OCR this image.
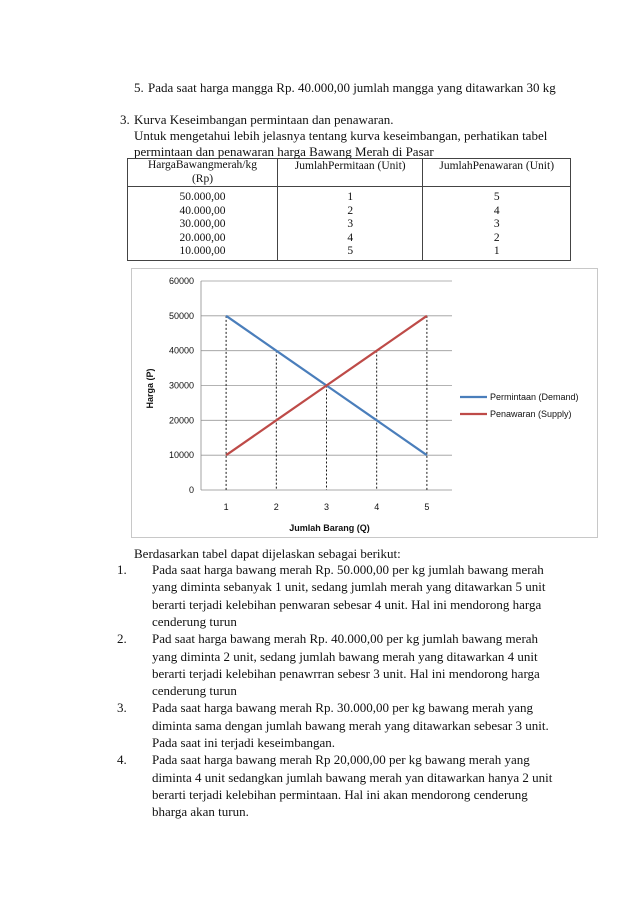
5. Pada saat harga mangga Rp. 40.000,00 jumlah mangga yang ditawarkan 30 kg
3. Kurva Keseimbangan permintaan dan penawaran.
Untuk mengetahui lebih jelasnya tentang kurva keseimbangan, perhatikan tabel
permintaan dan penawaran harga Bawang Merah di Pasar
HargaBawangmerah/kg (Rp)	JumlahPermitaan (Unit)	JumlahPenawaran (Unit)
50.000,00	1	5
40.000,00	2	4
30.000,00	3	3
20.000,00	4	2
10.000,00	5	1
0
10000
20000
30000
40000
50000
60000
1	2	3	4	5
Jumlah Barang (Q)
Harga (P)	Permintaan (Demand)
Penawaran (Supply)
Berdasarkan tabel dapat dijelaskan sebagai berikut:
1. Pada saat harga bawang merah Rp. 50.000,00 per kg jumlah bawang merah
yang diminta sebanyak 1 unit, sedang jumlah merah yang ditawarkan 5 unit
berarti terjadi kelebihan penwaran sebesar 4 unit. Hal ini mendorong harga
cenderung turun
2. Pad saat harga bawang merah Rp. 40.000,00 per kg jumlah bawang merah
yang diminta 2 unit, sedang jumlah bawang merah yang ditawarkan 4 unit
berarti terjadi kelebihan penawrran sebesr 3 unit. Hal ini mendorong harga
cenderung turun
3. Pada saat harga bawang merah Rp. 30.000,00 per kg bawang merah yang
diminta sama dengan jumlah bawang merah yang ditawarkan sebesar 3 unit.
Pada saat ini terjadi keseimbangan.
4. Pada saat harga bawang merah Rp 20,000,00 per kg bawang merah yang
diminta 4 unit sedangkan jumlah bawang merah yan ditawarkan hanya 2 unit
berarti terjadi kelebihan permintaan. Hal ini akan mendorong cenderung
bharga akan turun.
